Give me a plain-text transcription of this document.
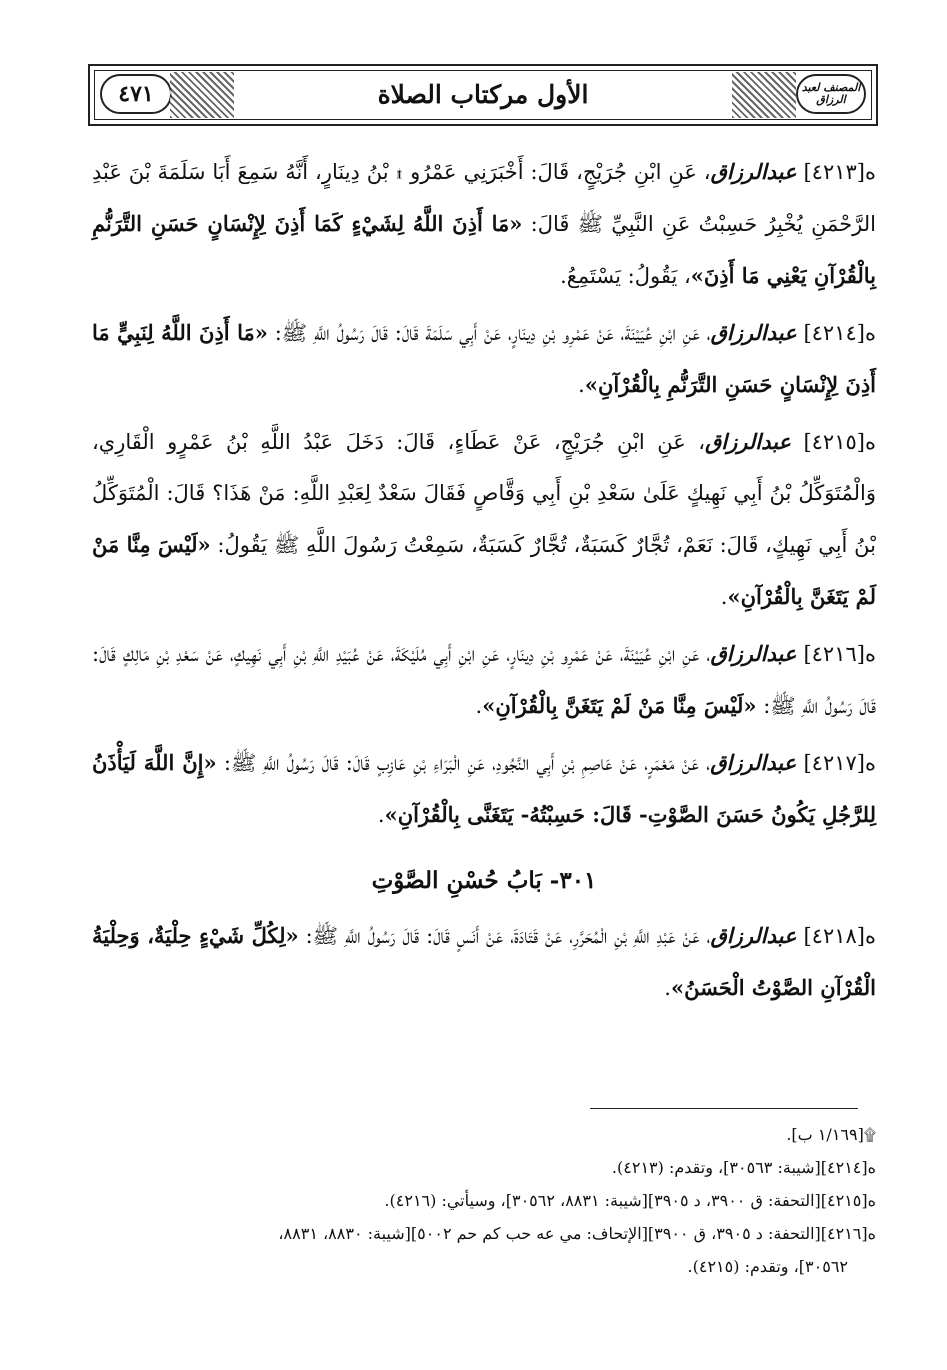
٤٧١	الأول مركتاب الصلاة	المصنف لعبد الرزاق

ه[٤٢١٣] عبدالرزاق، عَنِ ابْنِ جُرَيْجٍ، قَالَ: أَخْبَرَنِي عَمْرُو ۩ بْنُ دِينَارٍ، أَنَّهُ سَمِعَ أَبَا سَلَمَةَ بْنَ عَبْدِ الرَّحْمَنِ يُخْبِرُ حَسِبْتُ عَنِ النَّبِيِّ ﷺ قَالَ: «مَا أَذِنَ اللَّهُ لِشَيْءٍ كَمَا أَذِنَ لِإِنْسَانٍ حَسَنِ التَّرَنُّمِ بِالْقُرْآنِ يَعْنِي مَا أَذِنَ»، يَقُولُ: يَسْتَمِعُ.

ه[٤٢١٤] عبدالرزاق، عَنِ ابْنِ عُيَيْنَةَ، عَنْ عَمْرِو بْنِ دِينَارٍ، عَنْ أَبِي سَلَمَةَ قَالَ: قَالَ رَسُولُ اللَّهِ ﷺ: «مَا أَذِنَ اللَّهُ لِنَبِيٍّ مَا أَذِنَ لِإِنْسَانٍ حَسَنِ التَّرَنُّمِ بِالْقُرْآنِ».

ه[٤٢١٥] عبدالرزاق، عَنِ ابْنِ جُرَيْجٍ، عَنْ عَطَاءٍ، قَالَ: دَخَلَ عَبْدُ اللَّهِ بْنُ عَمْرٍو الْقَارِي، وَالْمُتَوَكِّلُ بْنُ أَبِي نَهِيكٍ عَلَىٰ سَعْدِ بْنِ أَبِي وَقَّاصٍ فَقَالَ سَعْدٌ لِعَبْدِ اللَّهِ: مَنْ هَذَا؟ قَالَ: الْمُتَوَكِّلُ بْنُ أَبِي نَهِيكٍ، قَالَ: نَعَمْ، تُجَّارٌ كَسَبَةٌ، تُجَّارٌ كَسَبَةٌ، سَمِعْتُ رَسُولَ اللَّهِ ﷺ يَقُولُ: «لَيْسَ مِنَّا مَنْ لَمْ يَتَغَنَّ بِالْقُرْآنِ».

ه[٤٢١٦] عبدالرزاق، عَنِ ابْنِ عُيَيْنَةَ، عَنْ عَمْرِو بْنِ دِينَارٍ، عَنِ ابْنِ أَبِي مُلَيْكَةَ، عَنْ عُبَيْدِ اللَّهِ بْنِ أَبِي نَهِيكٍ، عَنْ سَعْدِ بْنِ مَالِكٍ قَالَ: قَالَ رَسُولُ اللَّهِ ﷺ: «لَيْسَ مِنَّا مَنْ لَمْ يَتَغَنَّ بِالْقُرْآنِ».

ه[٤٢١٧] عبدالرزاق، عَنْ مَعْمَرٍ، عَنْ عَاصِمِ بْنِ أَبِي النَّجُودِ، عَنِ الْبَرَاءِ بْنِ عَازِبٍ قَالَ: قَالَ رَسُولُ اللَّهِ ﷺ: «إِنَّ اللَّهَ لَيَأْذَنُ لِلرَّجُلِ يَكُونُ حَسَنَ الصَّوْتِ- قَالَ: حَسِبْتُهُ- يَتَغَنَّى بِالْقُرْآنِ».

٣٠١- بَابُ حُسْنِ الصَّوْتِ

ه[٤٢١٨] عبدالرزاق، عَنْ عَبْدِ اللَّهِ بْنِ الْمُحَرَّرِ، عَنْ قَتَادَةَ، عَنْ أَنَسٍ قَالَ: قَالَ رَسُولُ اللَّهِ ﷺ: «لِكُلِّ شَيْءٍ حِلْيَةٌ، وَحِلْيَةُ الْقُرْآنِ الصَّوْتُ الْحَسَنُ».

۩[١/١٦٩ ب].

ه[٤٢١٤][شيبة: ٣٠٥٦٣]، وتقدم: (٤٢١٣).

ه[٤٢١٥][التحفة: ق ٣٩٠٠، د ٣٩٠٥][شيبة: ٨٨٣١، ٣٠٥٦٢]، وسيأتي: (٤٢١٦).

ه[٤٢١٦][التحفة: د ٣٩٠٥، ق ٣٩٠٠][الإتحاف: مي عه حب كم حم ٥٠٠٢][شيبة: ٨٨٣٠، ٨٨٣١،

٣٠٥٦٢]، وتقدم: (٤٢١٥).
